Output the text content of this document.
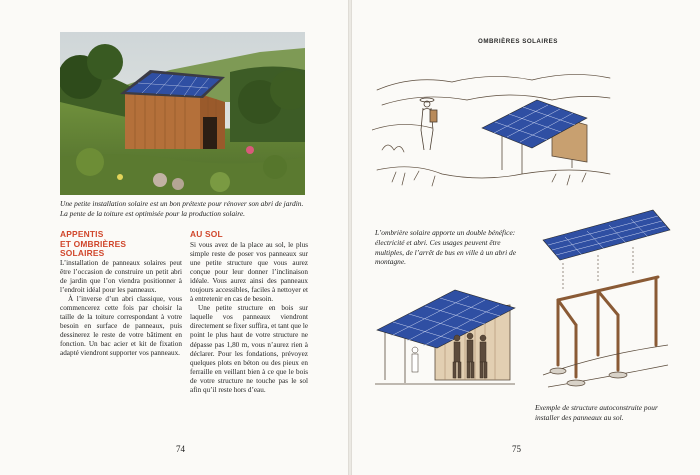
Une petite installation solaire est un bon prétexte pour rénover son abri de jardin. La pente de la toiture est optimisée pour la production solaire.
APPENTIS
ET OMBRIÈRES
SOLAIRES

L’installation de panneaux solaires peut être l’occasion de construire un petit abri de jardin que l’on viendra positionner à l’endroit idéal pour les panneaux.

À l’inverse d’un abri classique, vous commencerez cette fois par choisir la taille de la toiture correspondant à votre besoin en surface de panneaux, puis dessinerez le reste de votre bâtiment en fonction. Un bac acier et kit de fixation adapté viendront supporter vos panneaux.

AU SOL

Si vous avez de la place au sol, le plus simple reste de poser vos panneaux sur une petite structure que vous aurez conçue pour leur donner l’inclinaison idéale. Vous aurez ainsi des panneaux toujours accessibles, faciles à nettoyer et à entretenir en cas de besoin.

Une petite structure en bois sur laquelle vos panneaux viendront directement se fixer suffira, et tant que le point le plus haut de votre structure ne dépasse pas 1,80 m, vous n’aurez rien à déclarer. Pour les fondations, prévoyez quelques plots en béton ou des pieux en ferraille en veillant bien à ce que le bois de votre structure ne touche pas le sol afin qu’il reste hors d’eau.

74
OMBRIÈRES SOLAIRES
L’ombrière solaire apporte un double bénéfice: électricité et abri. Ces usages peuvent être multiples, de l’arrêt de bus en ville à un abri de montagne.
Exemple de structure autoconstruite pour installer des panneaux au sol.
75
